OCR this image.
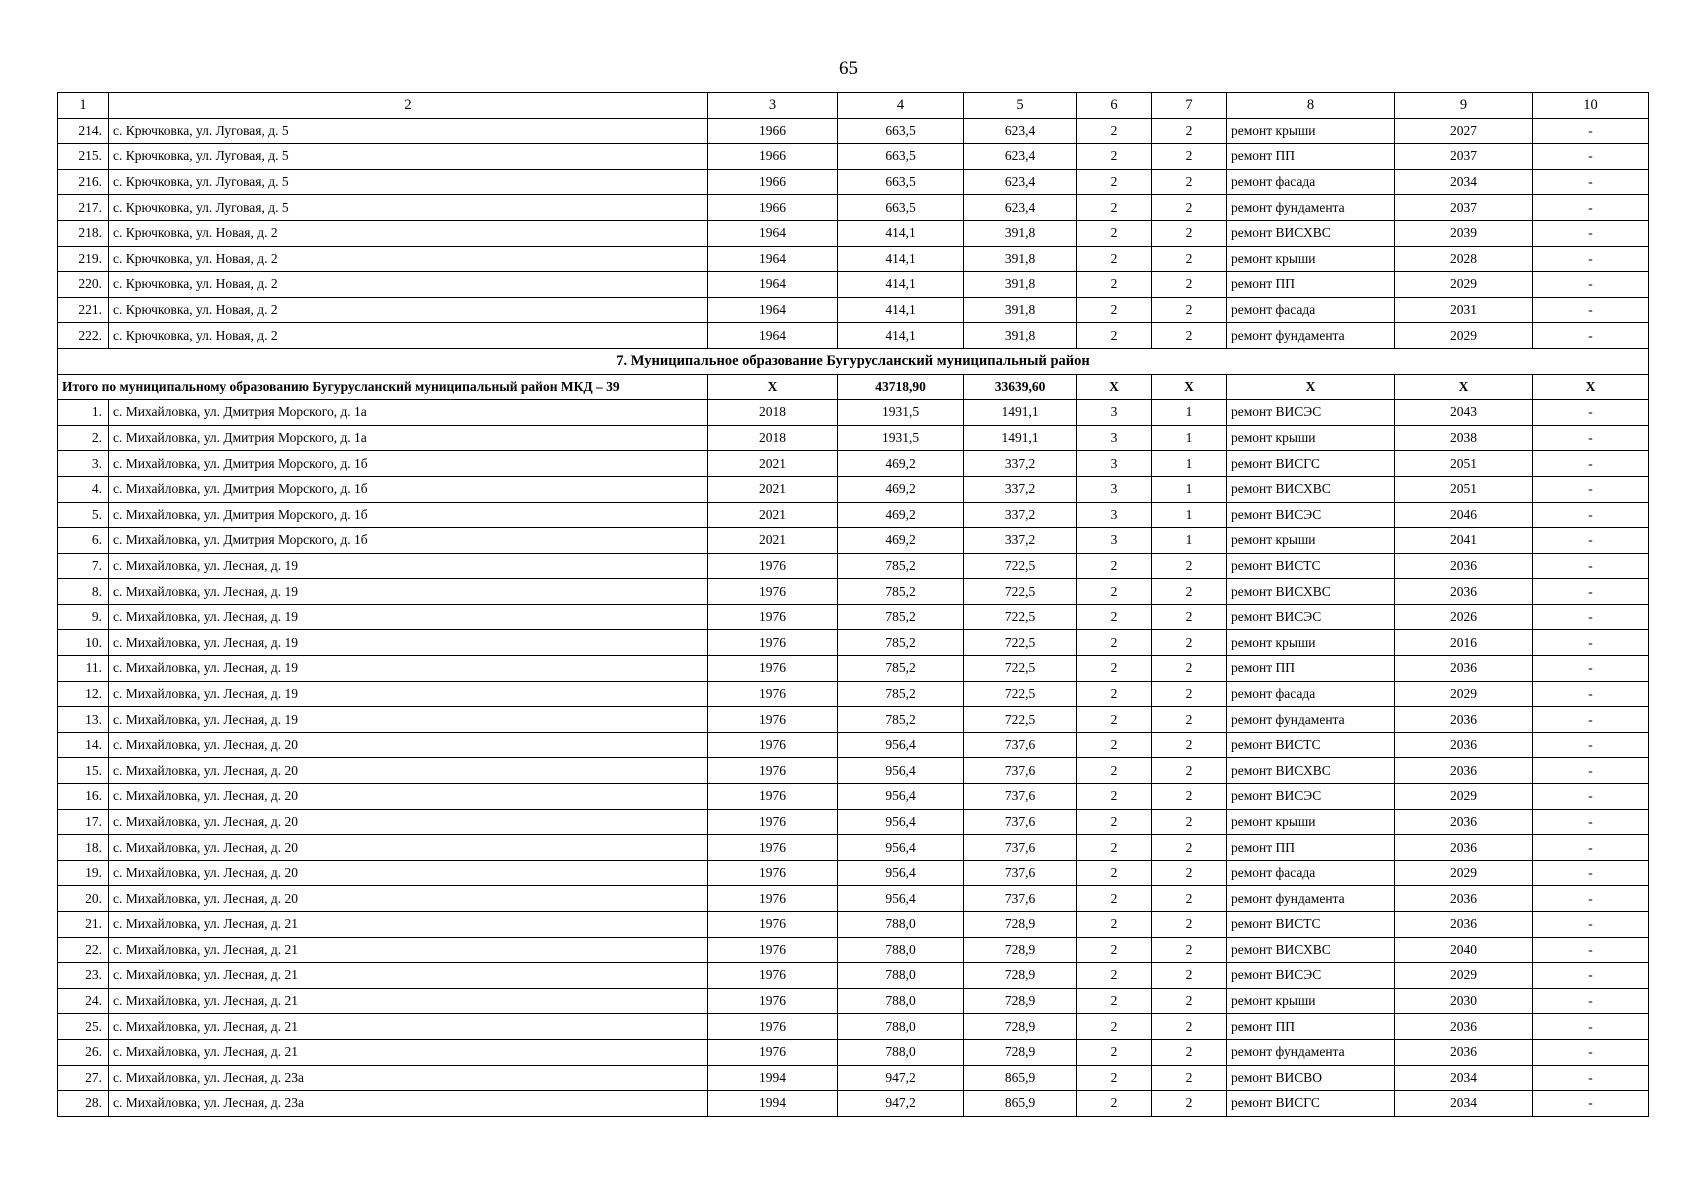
65
1	2	3	4	5	6	7	8	9	10
214.	с. Крючковка, ул. Луговая, д. 5	1966	663,5	623,4	2	2	ремонт крыши	2027	-
215.	с. Крючковка, ул. Луговая, д. 5	1966	663,5	623,4	2	2	ремонт ПП	2037	-
216.	с. Крючковка, ул. Луговая, д. 5	1966	663,5	623,4	2	2	ремонт фасада	2034	-
217.	с. Крючковка, ул. Луговая, д. 5	1966	663,5	623,4	2	2	ремонт фундамента	2037	-
218.	с. Крючковка, ул. Новая, д. 2	1964	414,1	391,8	2	2	ремонт ВИСХВС	2039	-
219.	с. Крючковка, ул. Новая, д. 2	1964	414,1	391,8	2	2	ремонт крыши	2028	-
220.	с. Крючковка, ул. Новая, д. 2	1964	414,1	391,8	2	2	ремонт ПП	2029	-
221.	с. Крючковка, ул. Новая, д. 2	1964	414,1	391,8	2	2	ремонт фасада	2031	-
222.	с. Крючковка, ул. Новая, д. 2	1964	414,1	391,8	2	2	ремонт фундамента	2029	-
7. Муниципальное образование Бугурусланский муниципальный район									
Итого по муниципальному образованию Бугурусланский муниципальный район МКД – 39		X	43718,90	33639,60	X	X	X	X	X
1.	с. Михайловка, ул. Дмитрия Морского, д. 1а	2018	1931,5	1491,1	3	1	ремонт ВИСЭС	2043	-
2.	с. Михайловка, ул. Дмитрия Морского, д. 1а	2018	1931,5	1491,1	3	1	ремонт крыши	2038	-
3.	с. Михайловка, ул. Дмитрия Морского, д. 1б	2021	469,2	337,2	3	1	ремонт ВИСГС	2051	-
4.	с. Михайловка, ул. Дмитрия Морского, д. 1б	2021	469,2	337,2	3	1	ремонт ВИСХВС	2051	-
5.	с. Михайловка, ул. Дмитрия Морского, д. 1б	2021	469,2	337,2	3	1	ремонт ВИСЭС	2046	-
6.	с. Михайловка, ул. Дмитрия Морского, д. 1б	2021	469,2	337,2	3	1	ремонт крыши	2041	-
7.	с. Михайловка, ул. Лесная, д. 19	1976	785,2	722,5	2	2	ремонт ВИСТС	2036	-
8.	с. Михайловка, ул. Лесная, д. 19	1976	785,2	722,5	2	2	ремонт ВИСХВС	2036	-
9.	с. Михайловка, ул. Лесная, д. 19	1976	785,2	722,5	2	2	ремонт ВИСЭС	2026	-
10.	с. Михайловка, ул. Лесная, д. 19	1976	785,2	722,5	2	2	ремонт крыши	2016	-
11.	с. Михайловка, ул. Лесная, д. 19	1976	785,2	722,5	2	2	ремонт ПП	2036	-
12.	с. Михайловка, ул. Лесная, д. 19	1976	785,2	722,5	2	2	ремонт фасада	2029	-
13.	с. Михайловка, ул. Лесная, д. 19	1976	785,2	722,5	2	2	ремонт фундамента	2036	-
14.	с. Михайловка, ул. Лесная, д. 20	1976	956,4	737,6	2	2	ремонт ВИСТС	2036	-
15.	с. Михайловка, ул. Лесная, д. 20	1976	956,4	737,6	2	2	ремонт ВИСХВС	2036	-
16.	с. Михайловка, ул. Лесная, д. 20	1976	956,4	737,6	2	2	ремонт ВИСЭС	2029	-
17.	с. Михайловка, ул. Лесная, д. 20	1976	956,4	737,6	2	2	ремонт крыши	2036	-
18.	с. Михайловка, ул. Лесная, д. 20	1976	956,4	737,6	2	2	ремонт ПП	2036	-
19.	с. Михайловка, ул. Лесная, д. 20	1976	956,4	737,6	2	2	ремонт фасада	2029	-
20.	с. Михайловка, ул. Лесная, д. 20	1976	956,4	737,6	2	2	ремонт фундамента	2036	-
21.	с. Михайловка, ул. Лесная, д. 21	1976	788,0	728,9	2	2	ремонт ВИСТС	2036	-
22.	с. Михайловка, ул. Лесная, д. 21	1976	788,0	728,9	2	2	ремонт ВИСХВС	2040	-
23.	с. Михайловка, ул. Лесная, д. 21	1976	788,0	728,9	2	2	ремонт ВИСЭС	2029	-
24.	с. Михайловка, ул. Лесная, д. 21	1976	788,0	728,9	2	2	ремонт крыши	2030	-
25.	с. Михайловка, ул. Лесная, д. 21	1976	788,0	728,9	2	2	ремонт ПП	2036	-
26.	с. Михайловка, ул. Лесная, д. 21	1976	788,0	728,9	2	2	ремонт фундамента	2036	-
27.	с. Михайловка, ул. Лесная, д. 23а	1994	947,2	865,9	2	2	ремонт ВИСВО	2034	-
28.	с. Михайловка, ул. Лесная, д. 23а	1994	947,2	865,9	2	2	ремонт ВИСГС	2034	-
